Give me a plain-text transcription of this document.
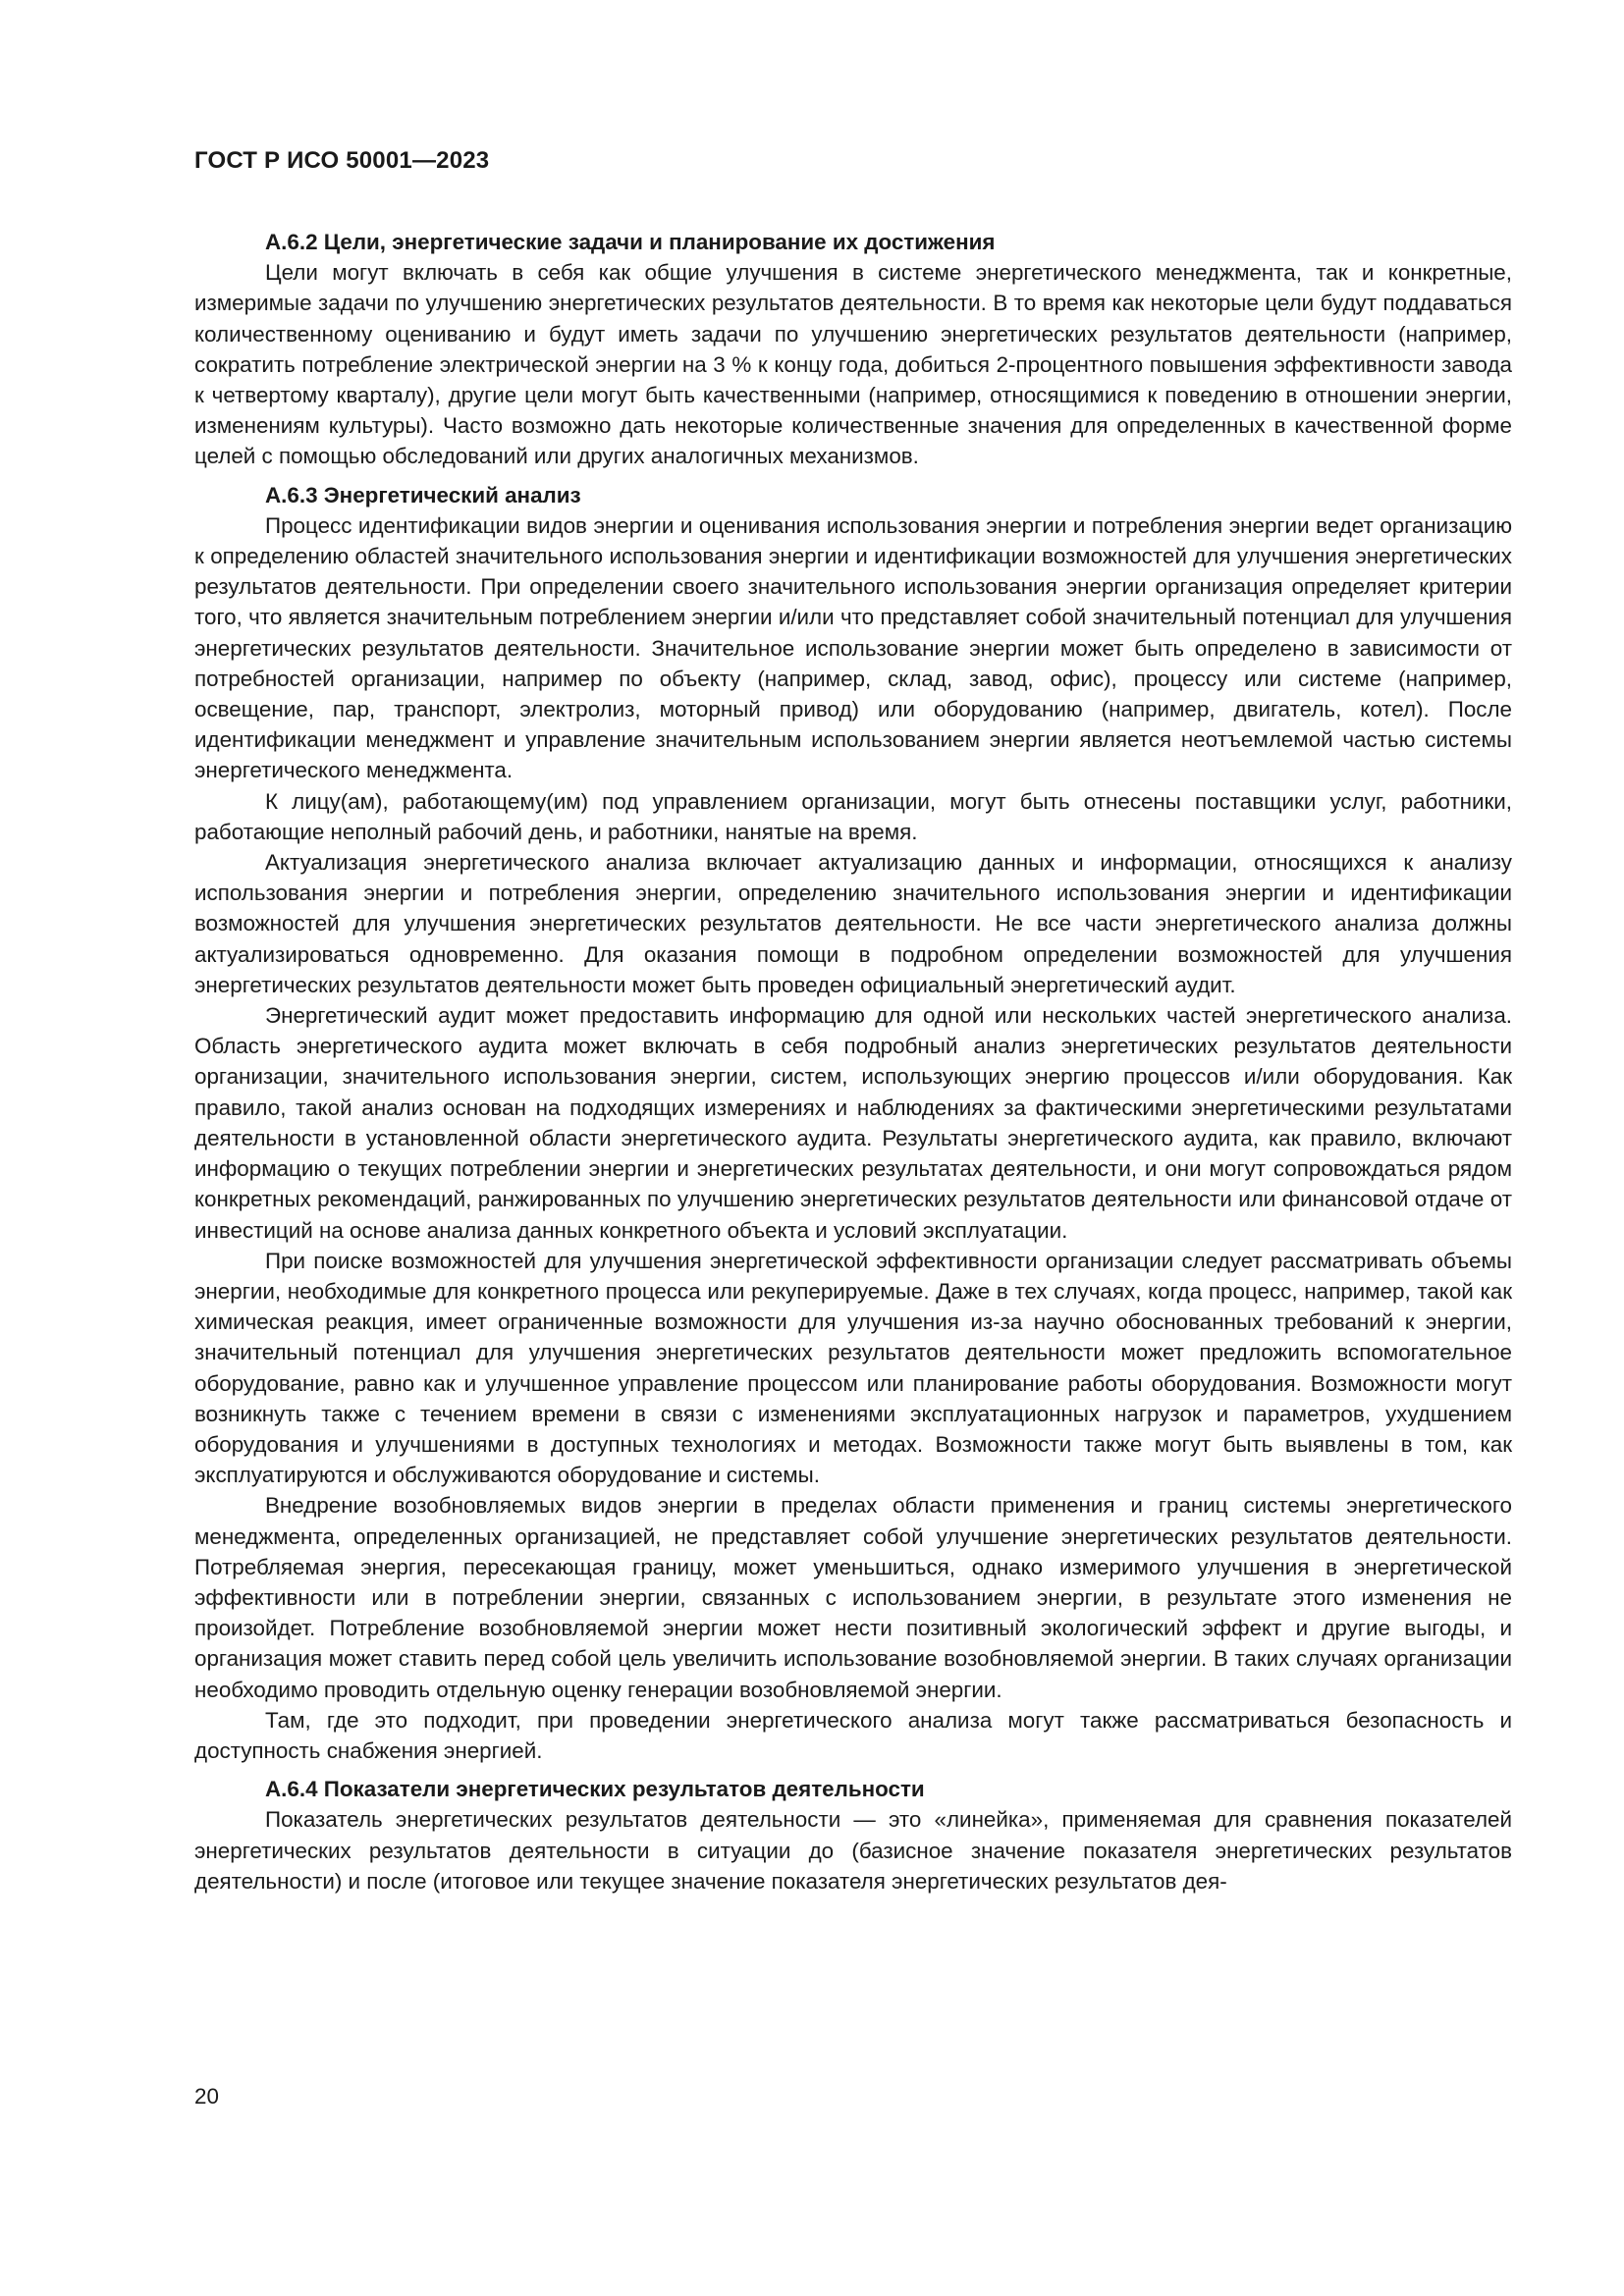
ГОСТ Р ИСО 50001—2023
А.6.2 Цели, энергетические задачи и планирование их достижения

Цели могут включать в себя как общие улучшения в системе энергетического менеджмента, так и конкретные, измеримые задачи по улучшению энергетических результатов деятельности. В то время как некоторые цели будут поддаваться количественному оцениванию и будут иметь задачи по улучшению энергетических результатов деятельности (например, сократить потребление электрической энергии на 3 % к концу года, добиться 2-процентного повышения эффективности завода к четвертому кварталу), другие цели могут быть качественными (например, относящимися к поведению в отношении энергии, изменениям культуры). Часто возможно дать некоторые количественные значения для определенных в качественной форме целей с помощью обследований или других аналогичных механизмов.

А.6.3 Энергетический анализ

Процесс идентификации видов энергии и оценивания использования энергии и потребления энергии ведет организацию к определению областей значительного использования энергии и идентификации возможностей для улучшения энергетических результатов деятельности. При определении своего значительного использования энергии организация определяет критерии того, что является значительным потреблением энергии и/или что представляет собой значительный потенциал для улучшения энергетических результатов деятельности. Значительное использование энергии может быть определено в зависимости от потребностей организации, например по объекту (например, склад, завод, офис), процессу или системе (например, освещение, пар, транспорт, электролиз, моторный привод) или оборудованию (например, двигатель, котел). После идентификации менеджмент и управление значительным использованием энергии является неотъемлемой частью системы энергетического менеджмента.

К лицу(ам), работающему(им) под управлением организации, могут быть отнесены поставщики услуг, работники, работающие неполный рабочий день, и работники, нанятые на время.

Актуализация энергетического анализа включает актуализацию данных и информации, относящихся к анализу использования энергии и потребления энергии, определению значительного использования энергии и идентификации возможностей для улучшения энергетических результатов деятельности. Не все части энергетического анализа должны актуализироваться одновременно. Для оказания помощи в подробном определении возможностей для улучшения энергетических результатов деятельности может быть проведен официальный энергетический аудит.

Энергетический аудит может предоставить информацию для одной или нескольких частей энергетического анализа. Область энергетического аудита может включать в себя подробный анализ энергетических результатов деятельности организации, значительного использования энергии, систем, использующих энергию процессов и/или оборудования. Как правило, такой анализ основан на подходящих измерениях и наблюдениях за фактическими энергетическими результатами деятельности в установленной области энергетического аудита. Результаты энергетического аудита, как правило, включают информацию о текущих потреблении энергии и энергетических результатах деятельности, и они могут сопровождаться рядом конкретных рекомендаций, ранжированных по улучшению энергетических результатов деятельности или финансовой отдаче от инвестиций на основе анализа данных конкретного объекта и условий эксплуатации.

При поиске возможностей для улучшения энергетической эффективности организации следует рассматривать объемы энергии, необходимые для конкретного процесса или рекуперируемые. Даже в тех случаях, когда процесс, например, такой как химическая реакция, имеет ограниченные возможности для улучшения из-за научно обоснованных требований к энергии, значительный потенциал для улучшения энергетических результатов деятельности может предложить вспомогательное оборудование, равно как и улучшенное управление процессом или планирование работы оборудования. Возможности могут возникнуть также с течением времени в связи с изменениями эксплуатационных нагрузок и параметров, ухудшением оборудования и улучшениями в доступных технологиях и методах. Возможности также могут быть выявлены в том, как эксплуатируются и обслуживаются оборудование и системы.

Внедрение возобновляемых видов энергии в пределах области применения и границ системы энергетического менеджмента, определенных организацией, не представляет собой улучшение энергетических результатов деятельности. Потребляемая энергия, пересекающая границу, может уменьшиться, однако измеримого улучшения в энергетической эффективности или в потреблении энергии, связанных с использованием энергии, в результате этого изменения не произойдет. Потребление возобновляемой энергии может нести позитивный экологический эффект и другие выгоды, и организация может ставить перед собой цель увеличить использование возобновляемой энергии. В таких случаях организации необходимо проводить отдельную оценку генерации возобновляемой энергии.

Там, где это подходит, при проведении энергетического анализа могут также рассматриваться безопасность и доступность снабжения энергией.

А.6.4 Показатели энергетических результатов деятельности

Показатель энергетических результатов деятельности — это «линейка», применяемая для сравнения показателей энергетических результатов деятельности в ситуации до (базисное значение показателя энергетических результатов деятельности) и после (итоговое или текущее значение показателя энергетических результатов дея-

20
